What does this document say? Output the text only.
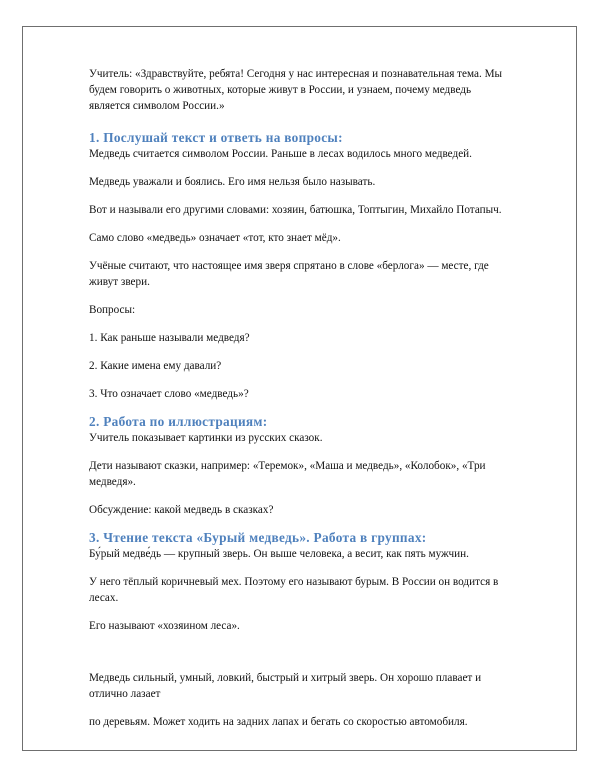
Учитель: «Здравствуйте, ребята! Сегодня у нас интересная и познавательная тема. Мы будем говорить о животных, которые живут в России, и узнаем, почему медведь является символом России.»

1. Послушай текст и ответь на вопросы:

Медведь считается символом России. Раньше в лесах водилось много медведей.

Медведь уважали и боялись. Его имя нельзя было называть.

Вот и называли его другими словами: хозяин, батюшка, Топтыгин, Михайло Потапыч.

Само слово «медведь» означает «тот, кто знает мёд».

Учёные считают, что настоящее имя зверя спрятано в слове «берлога» — месте, где живут звери.

Вопросы:

1. Как раньше называли медведя?

2. Какие имена ему давали?

3. Что означает слово «медведь»?

2. Работа по иллюстрациям:

Учитель показывает картинки из русских сказок.

Дети называют сказки, например: «Теремок», «Маша и медведь», «Колобок», «Три медведя».

Обсуждение: какой медведь в сказках?

3. Чтение текста «Бурый медведь». Работа в группах:

Бу́рый медве́дь — крупный зверь. Он выше человека, а весит, как пять мужчин.

У него тёплый коричневый мех. Поэтому его называют бурым. В России он водится в лесах.

Его называют «хозяином леса».

Медведь сильный, умный, ловкий, быстрый и хитрый зверь. Он хорошо плавает и отлично лазает

по деревьям. Может ходить на задних лапах и бегать со скоростью автомобиля.
